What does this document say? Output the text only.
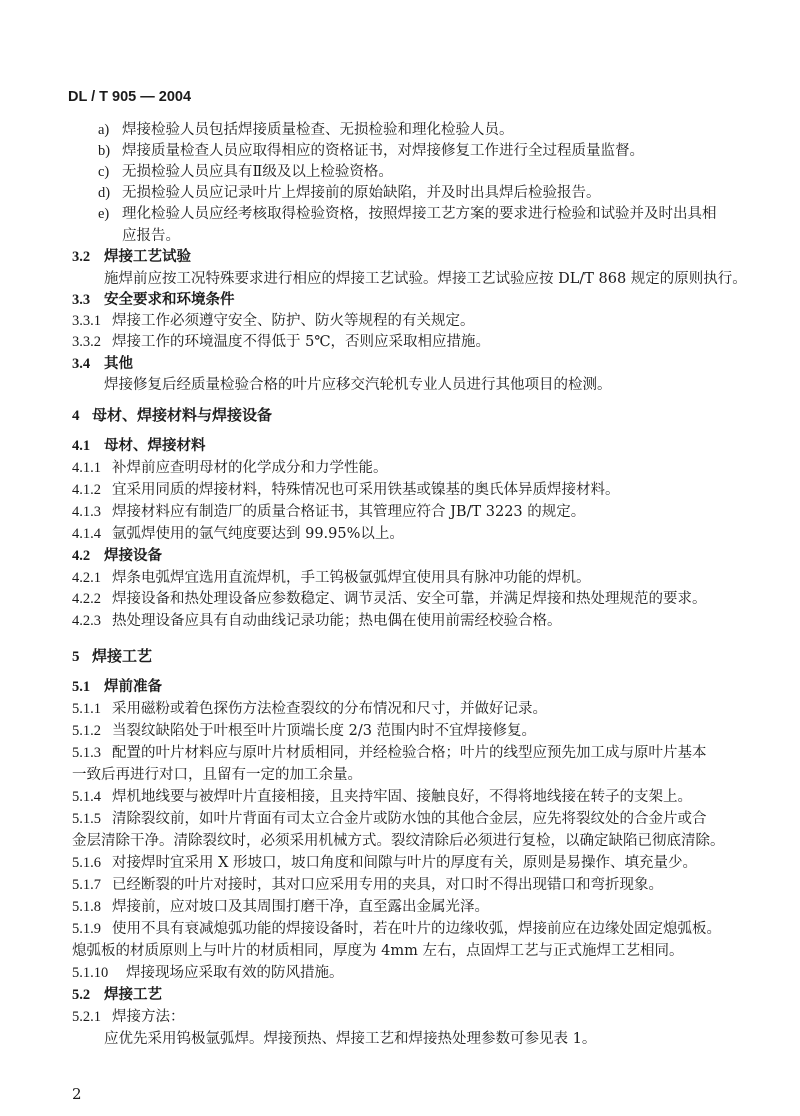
DL / T 905 — 2004
a) 焊接检验人员包括焊接质量检查、无损检验和理化检验人员。
b) 焊接质量检查人员应取得相应的资格证书，对焊接修复工作进行全过程质量监督。
c) 无损检验人员应具有Ⅱ级及以上检验资格。
d) 无损检验人员应记录叶片上焊接前的原始缺陷，并及时出具焊后检验报告。
e) 理化检验人员应经考核取得检验资格，按照焊接工艺方案的要求进行检验和试验并及时出具相
应报告。
3.2 焊接工艺试验
施焊前应按工况特殊要求进行相应的焊接工艺试验。焊接工艺试验应按 DL/T 868 规定的原则执行。
3.3 安全要求和环境条件
3.3.1 焊接工作必须遵守安全、防护、防火等规程的有关规定。
3.3.2 焊接工作的环境温度不得低于 5℃，否则应采取相应措施。
3.4 其他
焊接修复后经质量检验合格的叶片应移交汽轮机专业人员进行其他项目的检测。
4 母材、焊接材料与焊接设备
4.1 母材、焊接材料
4.1.1 补焊前应查明母材的化学成分和力学性能。
4.1.2 宜采用同质的焊接材料，特殊情况也可采用铁基或镍基的奥氏体异质焊接材料。
4.1.3 焊接材料应有制造厂的质量合格证书，其管理应符合 JB/T 3223 的规定。
4.1.4 氩弧焊使用的氩气纯度要达到 99.95%以上。
4.2 焊接设备
4.2.1 焊条电弧焊宜选用直流焊机，手工钨极氩弧焊宜使用具有脉冲功能的焊机。
4.2.2 焊接设备和热处理设备应参数稳定、调节灵活、安全可靠，并满足焊接和热处理规范的要求。
4.2.3 热处理设备应具有自动曲线记录功能；热电偶在使用前需经校验合格。
5 焊接工艺
5.1 焊前准备
5.1.1 采用磁粉或着色探伤方法检查裂纹的分布情况和尺寸，并做好记录。
5.1.2 当裂纹缺陷处于叶根至叶片顶端长度 2/3 范围内时不宜焊接修复。
5.1.3 配置的叶片材料应与原叶片材质相同，并经检验合格；叶片的线型应预先加工成与原叶片基本
一致后再进行对口，且留有一定的加工余量。
5.1.4 焊机地线要与被焊叶片直接相接，且夹持牢固、接触良好，不得将地线接在转子的支架上。
5.1.5 清除裂纹前，如叶片背面有司太立合金片或防水蚀的其他合金层，应先将裂纹处的合金片或合
金层清除干净。清除裂纹时，必须采用机械方式。裂纹清除后必须进行复检，以确定缺陷已彻底清除。
5.1.6 对接焊时宜采用 X 形坡口，坡口角度和间隙与叶片的厚度有关，原则是易操作、填充量少。
5.1.7 已经断裂的叶片对接时，其对口应采用专用的夹具，对口时不得出现错口和弯折现象。
5.1.8 焊接前，应对坡口及其周围打磨干净，直至露出金属光泽。
5.1.9 使用不具有衰减熄弧功能的焊接设备时，若在叶片的边缘收弧，焊接前应在边缘处固定熄弧板。
熄弧板的材质原则上与叶片的材质相同，厚度为 4mm 左右，点固焊工艺与正式施焊工艺相同。
5.1.10 焊接现场应采取有效的防风措施。
5.2 焊接工艺
5.2.1 焊接方法：
应优先采用钨极氩弧焊。焊接预热、焊接工艺和焊接热处理参数可参见表 1。
2
